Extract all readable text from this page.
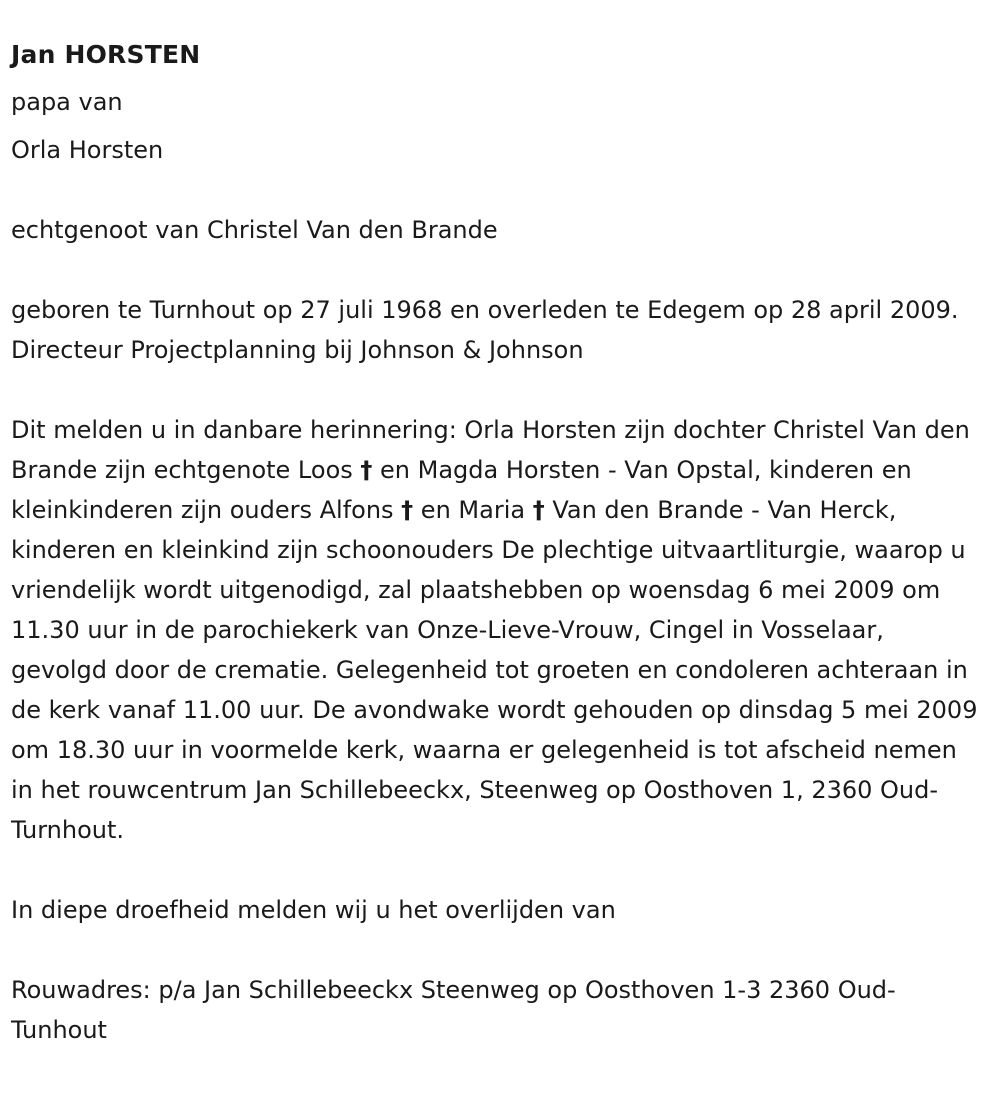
Jan HORSTEN
papa van
Orla Horsten
echtgenoot van Christel Van den Brande
geboren te Turnhout op 27 juli 1968 en overleden te Edegem op 28 april 2009. Directeur Projectplanning bij Johnson & Johnson
Dit melden u in danbare herinnering: Orla Horsten zijn dochter Christel Van den Brande zijn echtgenote Loos † en Magda Horsten - Van Opstal, kinderen en kleinkinderen zijn ouders Alfons † en Maria † Van den Brande - Van Herck, kinderen en kleinkind zijn schoonouders De plechtige uitvaartliturgie, waarop u vriendelijk wordt uitgenodigd, zal plaatshebben op woensdag 6 mei 2009 om 11.30 uur in de parochiekerk van Onze-Lieve-Vrouw, Cingel in Vosselaar, gevolgd door de crematie. Gelegenheid tot groeten en condoleren achteraan in de kerk vanaf 11.00 uur. De avondwake wordt gehouden op dinsdag 5 mei 2009 om 18.30 uur in voormelde kerk, waarna er gelegenheid is tot afscheid nemen in het rouwcentrum Jan Schillebeeckx, Steenweg op Oosthoven 1, 2360 Oud-Turnhout.
In diepe droefheid melden wij u het overlijden van
Rouwadres: p/a Jan Schillebeeckx Steenweg op Oosthoven 1-3 2360 Oud-Tunhout
